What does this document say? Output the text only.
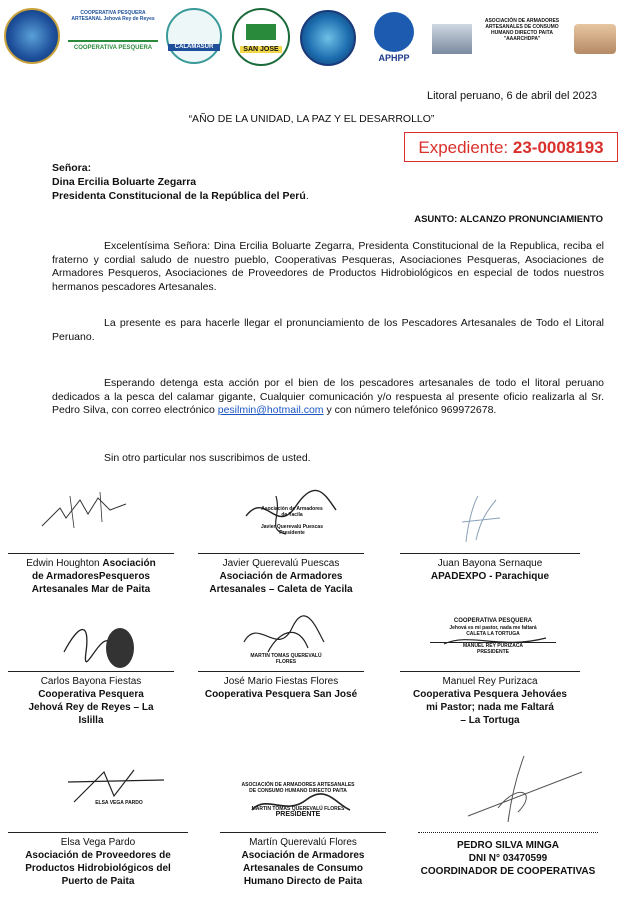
COOPERATIVA PESQUERA ARTESANAL Jehová Rey de Reyes
COOPERATIVA PESQUERA	CALAMASUR	SAN JOSE
APHPP
ASOCIACIÓN DE ARMADORES ARTESANALES DE CONSUMO HUMANO DIRECTO PAITA "AAARCHDPA"
Litoral peruano, 6 de abril del 2023
“AÑO DE LA UNIDAD, LA PAZ Y EL DESARROLLO”
Expediente: 23-0008193
Señora:
Dina Ercilia Boluarte Zegarra
Presidenta Constitucional de la República del Perú.
ASUNTO: ALCANZO PRONUNCIAMIENTO
Excelentísima Señora: Dina Ercilia Boluarte Zegarra, Presidenta Constitucional de la Republica, reciba el fraterno y cordial saludo de nuestro pueblo, Cooperativas Pesqueras, Asociaciones Pesqueras, Asociaciones de Armadores Pesqueros, Asociaciones de Proveedores de Productos Hidrobiológicos en especial de todos nuestros hermanos pescadores Artesanales.
La presente es para hacerle llegar el pronunciamiento de los Pescadores Artesanales de Todo el Litoral Peruano.
Esperando detenga esta acción por el bien de los pescadores artesanales de todo el litoral peruano dedicados a la pesca del calamar gigante, Cualquier comunicación y/o respuesta al presente oficio realizarla al Sr. Pedro Silva, con correo electrónico pesilmin@hotmail.com y con número telefónico 969972678.
Sin otro particular nos suscribimos de usted.
Asociación de Armadores
de Yacila
Javier Querevalú Puescas
Presidente
MARTIN TOMAS QUEREVALÚ FLORES
COOPERATIVA PESQUERA
Jehová es mi pastor, nada me faltará
CALETA LA TORTUGA
MANUEL REY PURIZACA
PRESIDENTE
ELSA VEGA PARDO
ASOCIACIÓN DE ARMADORES ARTESANALES
DE CONSUMO HUMANO DIRECTO PAITA
MARTIN TOMAS QUEREVALÚ FLORES
PRESIDENTE
Edwin Houghton Asociación
de ArmadoresPesqueros
Artesanales Mar de Paita
Javier Querevalú Puescas
Asociación de Armadores
Artesanales – Caleta de Yacila
Juan Bayona Sernaque
APADEXPO - Parachique
Carlos Bayona Fiestas
Cooperativa Pesquera
Jehová Rey de Reyes – La
Islilla
José Mario Fiestas Flores
Cooperativa Pesquera San José
Manuel Rey Purizaca
Cooperativa Pesquera Jehováes
mi Pastor; nada me Faltará
– La Tortuga
Elsa Vega Pardo
Asociación de Proveedores de
Productos Hidrobiológicos del
Puerto de Paita
Martín Querevalú Flores
Asociación de Armadores
Artesanales de Consumo
Humano Directo de Paita
PEDRO SILVA MINGA
DNI N° 03470599
COORDINADOR DE COOPERATIVAS
